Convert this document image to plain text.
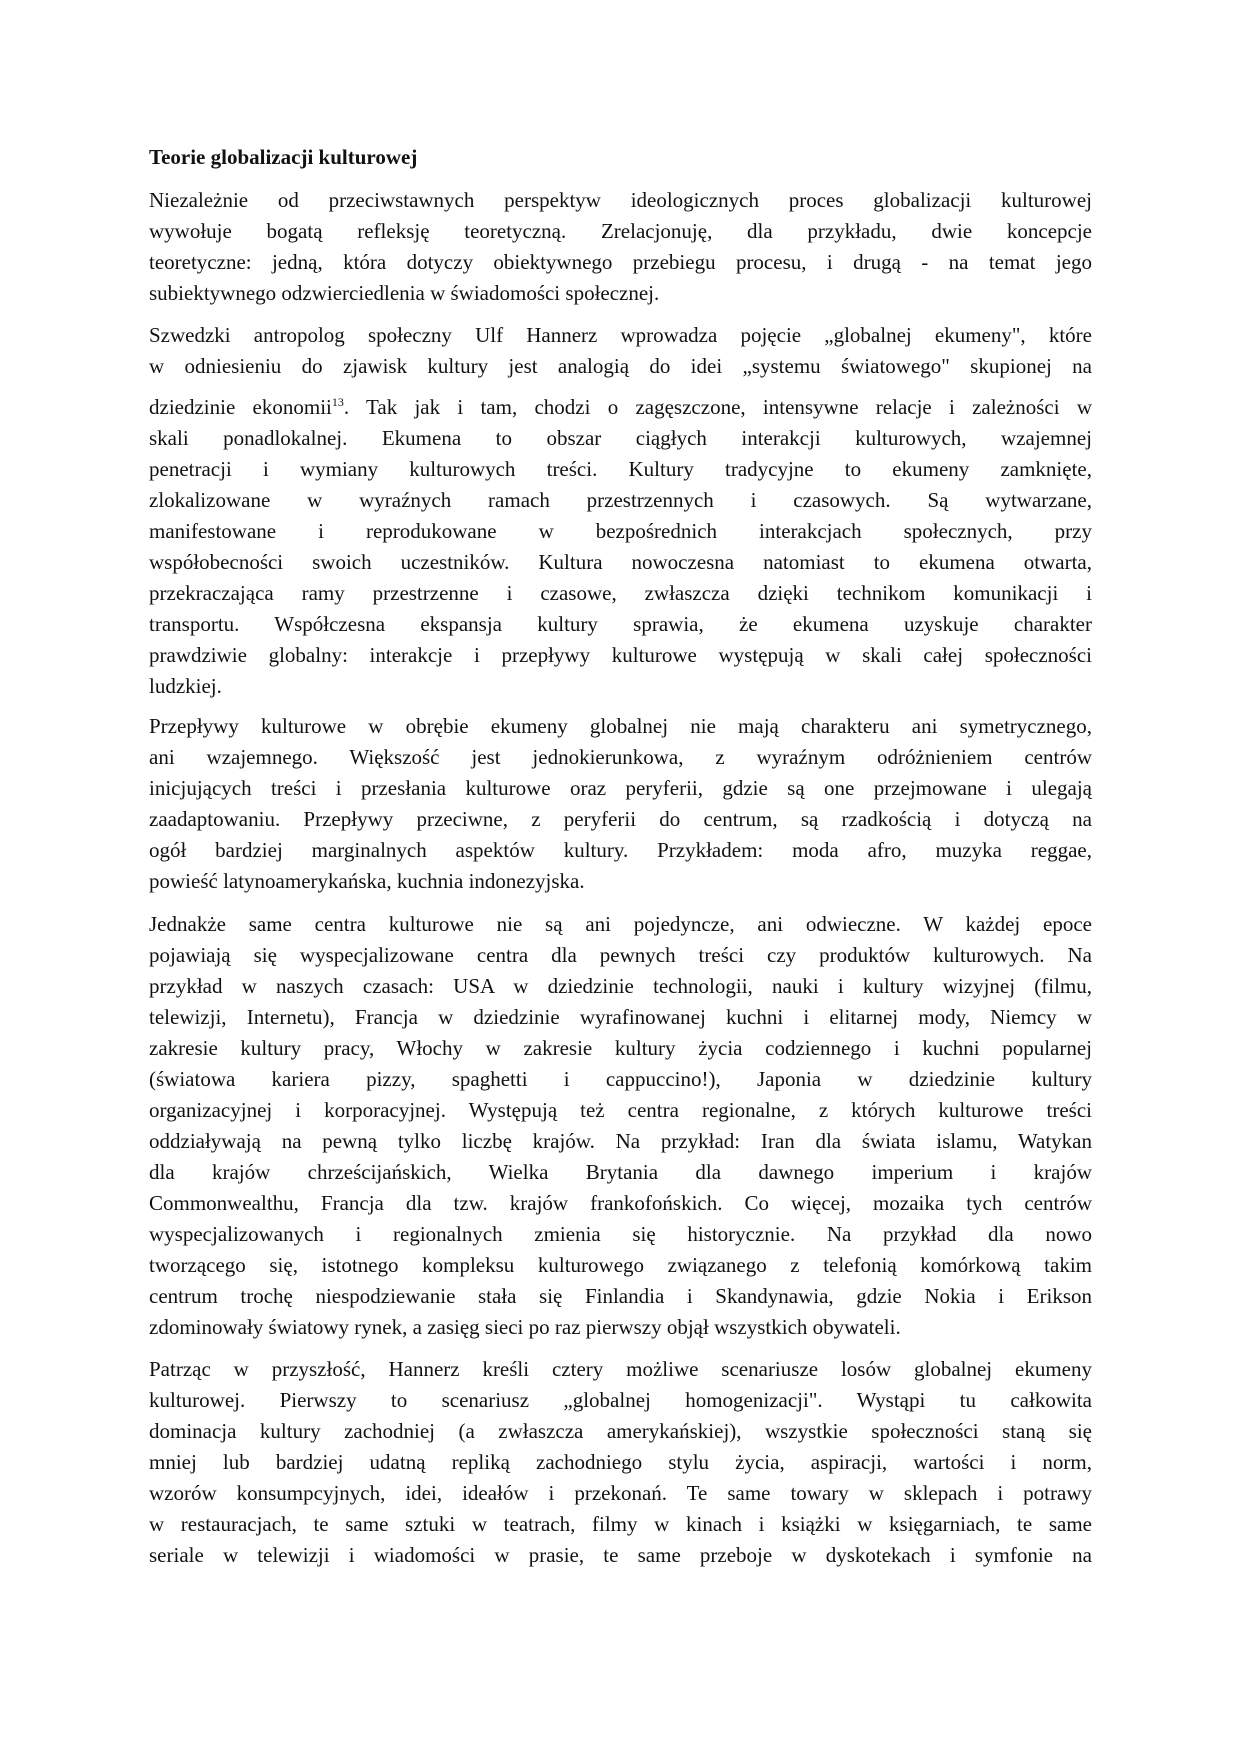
Teorie globalizacji kulturowej
Niezależnie od przeciwstawnych perspektyw ideologicznych proces globalizacji kulturowej
wywołuje bogatą refleksję teoretyczną. Zrelacjonuję, dla przykładu, dwie koncepcje
teoretyczne: jedną, która dotyczy obiektywnego przebiegu procesu, i drugą - na temat jego
subiektywnego odzwierciedlenia w świadomości społecznej.
Szwedzki antropolog społeczny Ulf Hannerz wprowadza pojęcie „globalnej ekumeny", które
w odniesieniu do zjawisk kultury jest analogią do idei „systemu światowego" skupionej na
dziedzinie ekonomii$^{13}$. Tak jak i tam, chodzi o zagęszczone, intensywne relacje i zależności w
skali ponadlokalnej. Ekumena to obszar ciągłych interakcji kulturowych, wzajemnej
penetracji i wymiany kulturowych treści. Kultury tradycyjne to ekumeny zamknięte,
zlokalizowane w wyraźnych ramach przestrzennych i czasowych. Są wytwarzane,
manifestowane i reprodukowane w bezpośrednich interakcjach społecznych, przy
współobecności swoich uczestników. Kultura nowoczesna natomiast to ekumena otwarta,
przekraczająca ramy przestrzenne i czasowe, zwłaszcza dzięki technikom komunikacji i
transportu. Współczesna ekspansja kultury sprawia, że ekumena uzyskuje charakter
prawdziwie globalny: interakcje i przepływy kulturowe występują w skali całej społeczności
ludzkiej.
Przepływy kulturowe w obrębie ekumeny globalnej nie mają charakteru ani symetrycznego,
ani wzajemnego. Większość jest jednokierunkowa, z wyraźnym odróżnieniem centrów
inicjujących treści i przesłania kulturowe oraz peryferii, gdzie są one przejmowane i ulegają
zaadaptowaniu. Przepływy przeciwne, z peryferii do centrum, są rzadkością i dotyczą na
ogół bardziej marginalnych aspektów kultury. Przykładem: moda afro, muzyka reggae,
powieść latynoamerykańska, kuchnia indonezyjska.
Jednakże same centra kulturowe nie są ani pojedyncze, ani odwieczne. W każdej epoce
pojawiają się wyspecjalizowane centra dla pewnych treści czy produktów kulturowych. Na
przykład w naszych czasach: USA w dziedzinie technologii, nauki i kultury wizyjnej (filmu,
telewizji, Internetu), Francja w dziedzinie wyrafinowanej kuchni i elitarnej mody, Niemcy w
zakresie kultury pracy, Włochy w zakresie kultury życia codziennego i kuchni popularnej
(światowa kariera pizzy, spaghetti i cappuccino!), Japonia w dziedzinie kultury
organizacyjnej i korporacyjnej. Występują też centra regionalne, z których kulturowe treści
oddziaływają na pewną tylko liczbę krajów. Na przykład: Iran dla świata islamu, Watykan
dla krajów chrześcijańskich, Wielka Brytania dla dawnego imperium i krajów
Commonwealthu, Francja dla tzw. krajów frankofońskich. Co więcej, mozaika tych centrów
wyspecjalizowanych i regionalnych zmienia się historycznie. Na przykład dla nowo
tworzącego się, istotnego kompleksu kulturowego związanego z telefonią komórkową takim
centrum trochę niespodziewanie stała się Finlandia i Skandynawia, gdzie Nokia i Erikson
zdominowały światowy rynek, a zasięg sieci po raz pierwszy objął wszystkich obywateli.
Patrząc w przyszłość, Hannerz kreśli cztery możliwe scenariusze losów globalnej ekumeny
kulturowej. Pierwszy to scenariusz „globalnej homogenizacji". Wystąpi tu całkowita
dominacja kultury zachodniej (a zwłaszcza amerykańskiej), wszystkie społeczności staną się
mniej lub bardziej udatną repliką zachodniego stylu życia, aspiracji, wartości i norm,
wzorów konsumpcyjnych, idei, ideałów i przekonań. Te same towary w sklepach i potrawy
w restauracjach, te same sztuki w teatrach, filmy w kinach i książki w księgarniach, te same
seriale w telewizji i wiadomości w prasie, te same przeboje w dyskotekach i symfonie na
